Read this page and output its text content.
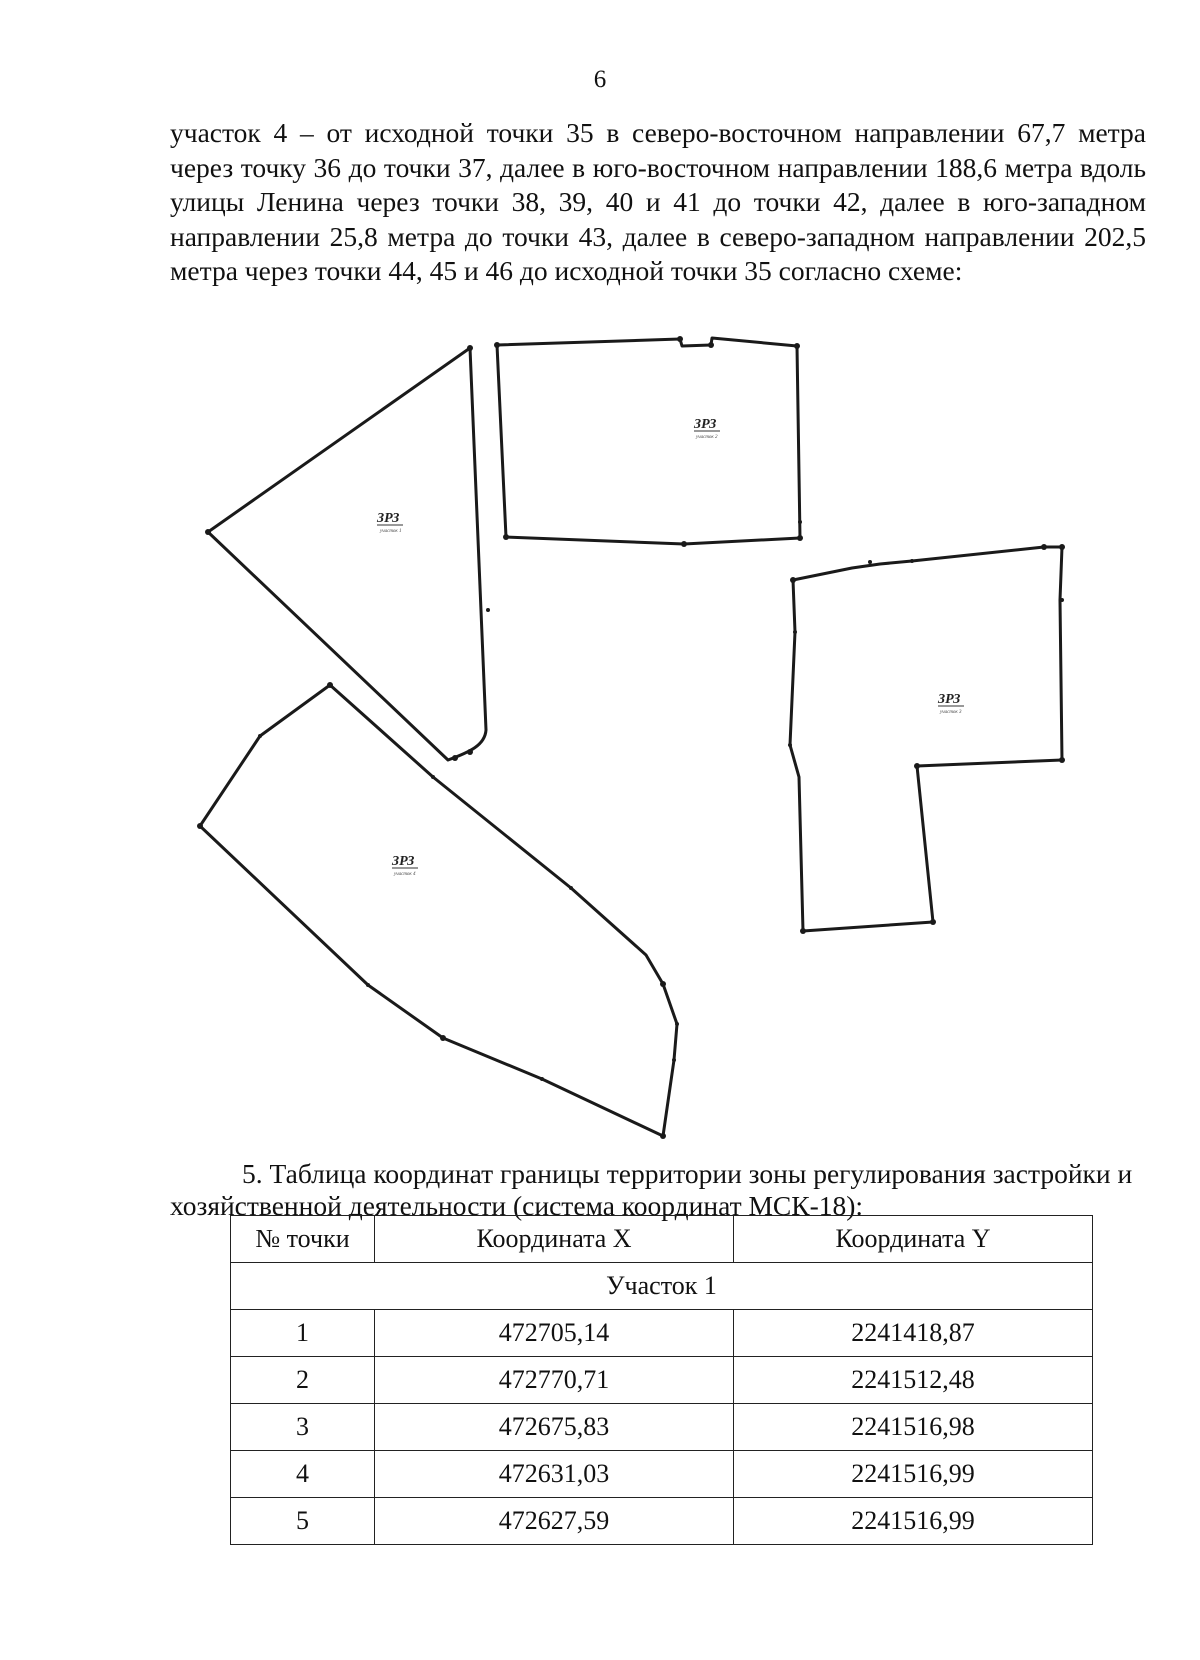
6

участок 4 – от исходной точки 35 в северо-восточном направлении 67,7 метра через точку 36 до точки 37, далее в юго-восточном направлении 188,6 метра вдоль улицы Ленина через точки 38, 39, 40 и 41 до точки 42, далее в юго-западном направлении 25,8 метра до точки 43, далее в северо-западном направлении 202,5 метра через точки 44, 45 и 46 до исходной точки 35 согласно схеме:

ЗРЗ
участок 1
ЗРЗ
участок 2
ЗРЗ
участок 3
ЗРЗ
участок 4

5. Таблица координат границы территории зоны регулирования застройки и хозяйственной деятельности (система координат МСК-18):

№ точки	Координата X	Координата Y
Участок 1		
1	472705,14	2241418,87
2	472770,71	2241512,48
3	472675,83	2241516,98
4	472631,03	2241516,99
5	472627,59	2241516,99
